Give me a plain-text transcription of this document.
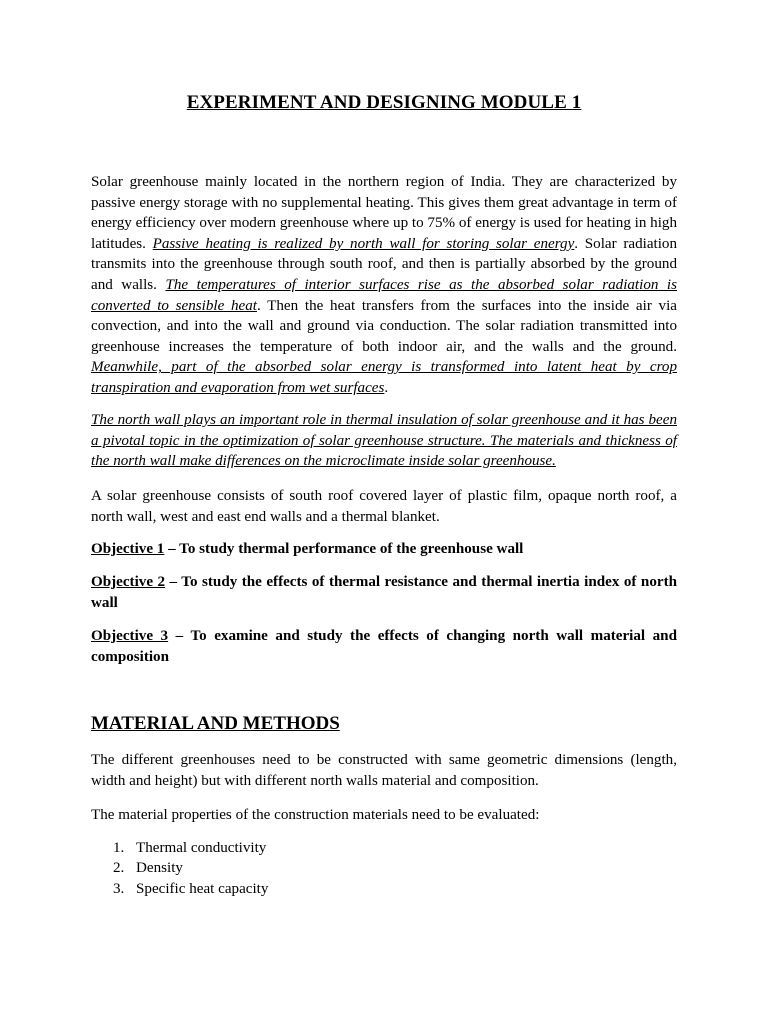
EXPERIMENT AND DESIGNING MODULE 1

Solar greenhouse mainly located in the northern region of India. They are characterized by passive energy storage with no supplemental heating. This gives them great advantage in term of energy efficiency over modern greenhouse where up to 75% of energy is used for heating in high latitudes. Passive heating is realized by north wall for storing solar energy. Solar radiation transmits into the greenhouse through south roof, and then is partially absorbed by the ground and walls. The temperatures of interior surfaces rise as the absorbed solar radiation is converted to sensible heat. Then the heat transfers from the surfaces into the inside air via convection, and into the wall and ground via conduction. The solar radiation transmitted into greenhouse increases the temperature of both indoor air, and the walls and the ground. Meanwhile, part of the absorbed solar energy is transformed into latent heat by crop transpiration and evaporation from wet surfaces.

The north wall plays an important role in thermal insulation of solar greenhouse and it has been a pivotal topic in the optimization of solar greenhouse structure. The materials and thickness of the north wall make differences on the microclimate inside solar greenhouse.

A solar greenhouse consists of south roof covered layer of plastic film, opaque north roof, a north wall, west and east end walls and a thermal blanket.

Objective 1 – To study thermal performance of the greenhouse wall

Objective 2 – To study the effects of thermal resistance and thermal inertia index of north wall

Objective 3 – To examine and study the effects of changing north wall material and composition

MATERIAL AND METHODS

The different greenhouses need to be constructed with same geometric dimensions (length, width and height) but with different north walls material and composition.

The material properties of the construction materials need to be evaluated:

1. Thermal conductivity
2. Density
3. Specific heat capacity
